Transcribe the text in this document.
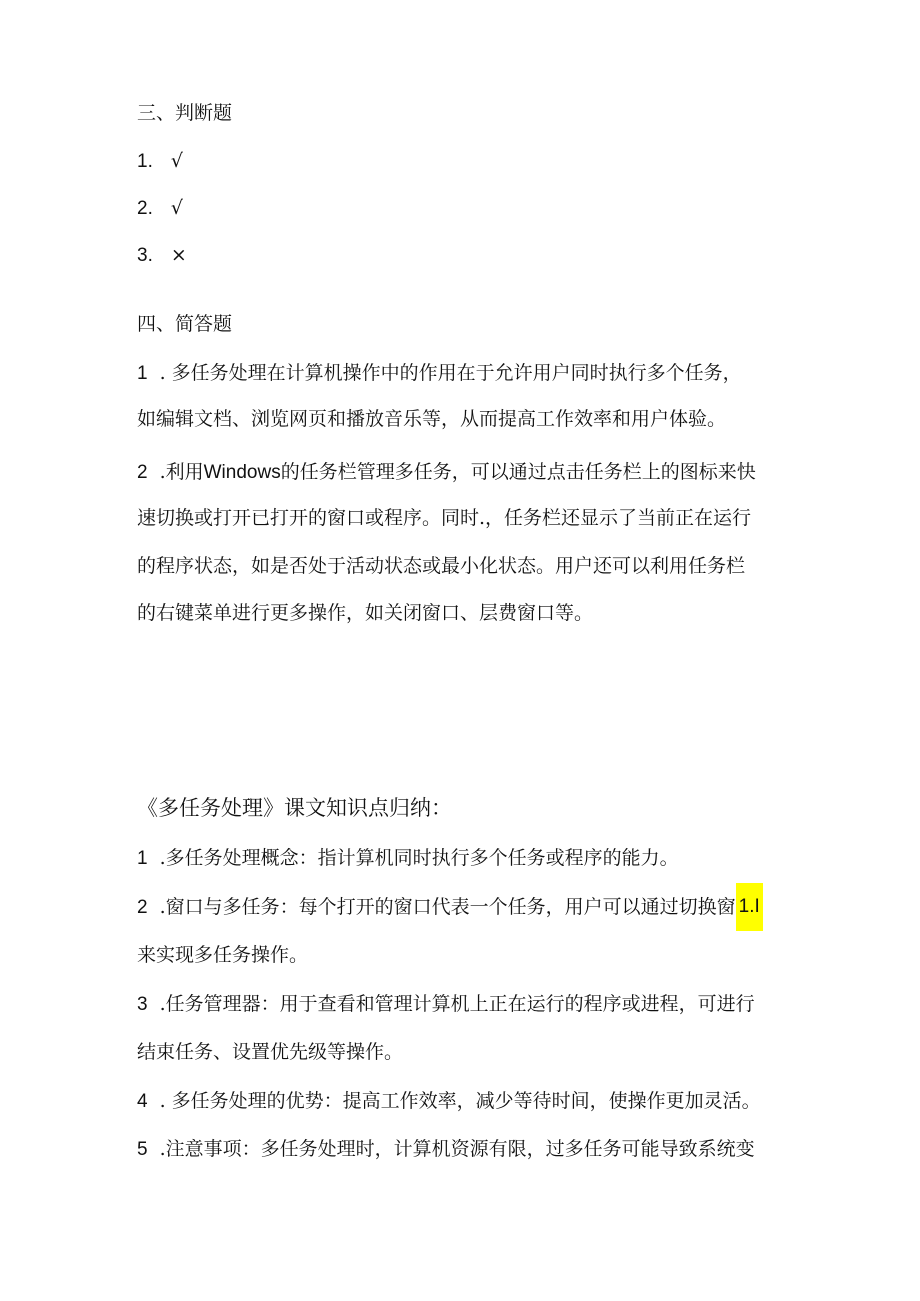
三、判断题
1. √
2. √
3. ×
四、简答题
1 . 多任务处理在计算机操作中的作用在于允许用户同时执行多个任务，
如编辑文档、浏览网页和播放音乐等，从而提高工作效率和用户体验。
2 .利用Windows的任务栏管理多任务，可以通过点击任务栏上的图标来快
速切换或打开已打开的窗口或程序。同时.，任务栏还显示了当前正在运行
的程序状态，如是否处于活动状态或最小化状态。用户还可以利用任务栏
的右键菜单进行更多操作，如关闭窗口、层费窗口等。
《多任务处理》课文知识点归纳：
1 .多任务处理概念：指计算机同时执行多个任务或程序的能力。
2 .窗口与多任务：每个打开的窗口代表一个任务，用户可以通过切换窗 1.I
来实现多任务操作。
3 .任务管理器：用于查看和管理计算机上正在运行的程序或进程，可进行
结束任务、设置优先级等操作。
4 . 多任务处理的优势：提高工作效率，减少等待时间，使操作更加灵活。
5 .注意事项：多任务处理时，计算机资源有限，过多任务可能导致系统变
